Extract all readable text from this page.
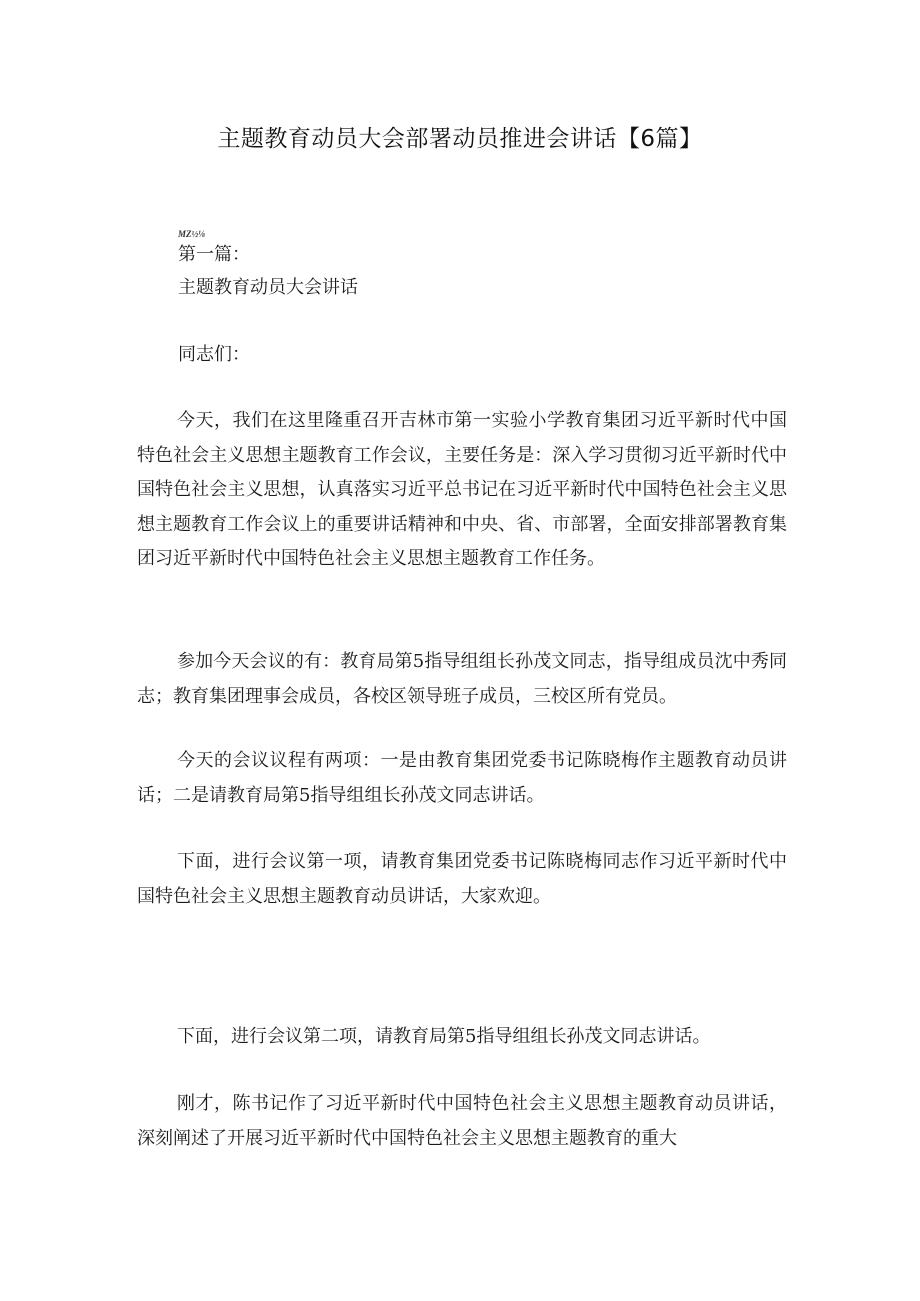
主题教育动员大会部署动员推进会讲话【6篇】
MZ½⅛

第一篇：

主题教育动员大会讲话

同志们：

今天，我们在这里隆重召开吉林市第一实验小学教育集团习近平新时代中国特色社会主义思想主题教育工作会议，主要任务是：深入学习贯彻习近平新时代中国特色社会主义思想，认真落实习近平总书记在习近平新时代中国特色社会主义思想主题教育工作会议上的重要讲话精神和中央、省、市部署，全面安排部署教育集团习近平新时代中国特色社会主义思想主题教育工作任务。

参加今天会议的有：教育局第5指导组组长孙茂文同志，指导组成员沈中秀同志；教育集团理事会成员，各校区领导班子成员，三校区所有党员。

今天的会议议程有两项：一是由教育集团党委书记陈晓梅作主题教育动员讲话；二是请教育局第5指导组组长孙茂文同志讲话。

下面，进行会议第一项，请教育集团党委书记陈晓梅同志作习近平新时代中国特色社会主义思想主题教育动员讲话，大家欢迎。

下面，进行会议第二项，请教育局第5指导组组长孙茂文同志讲话。

刚才，陈书记作了习近平新时代中国特色社会主义思想主题教育动员讲话，深刻阐述了开展习近平新时代中国特色社会主义思想主题教育的重大
